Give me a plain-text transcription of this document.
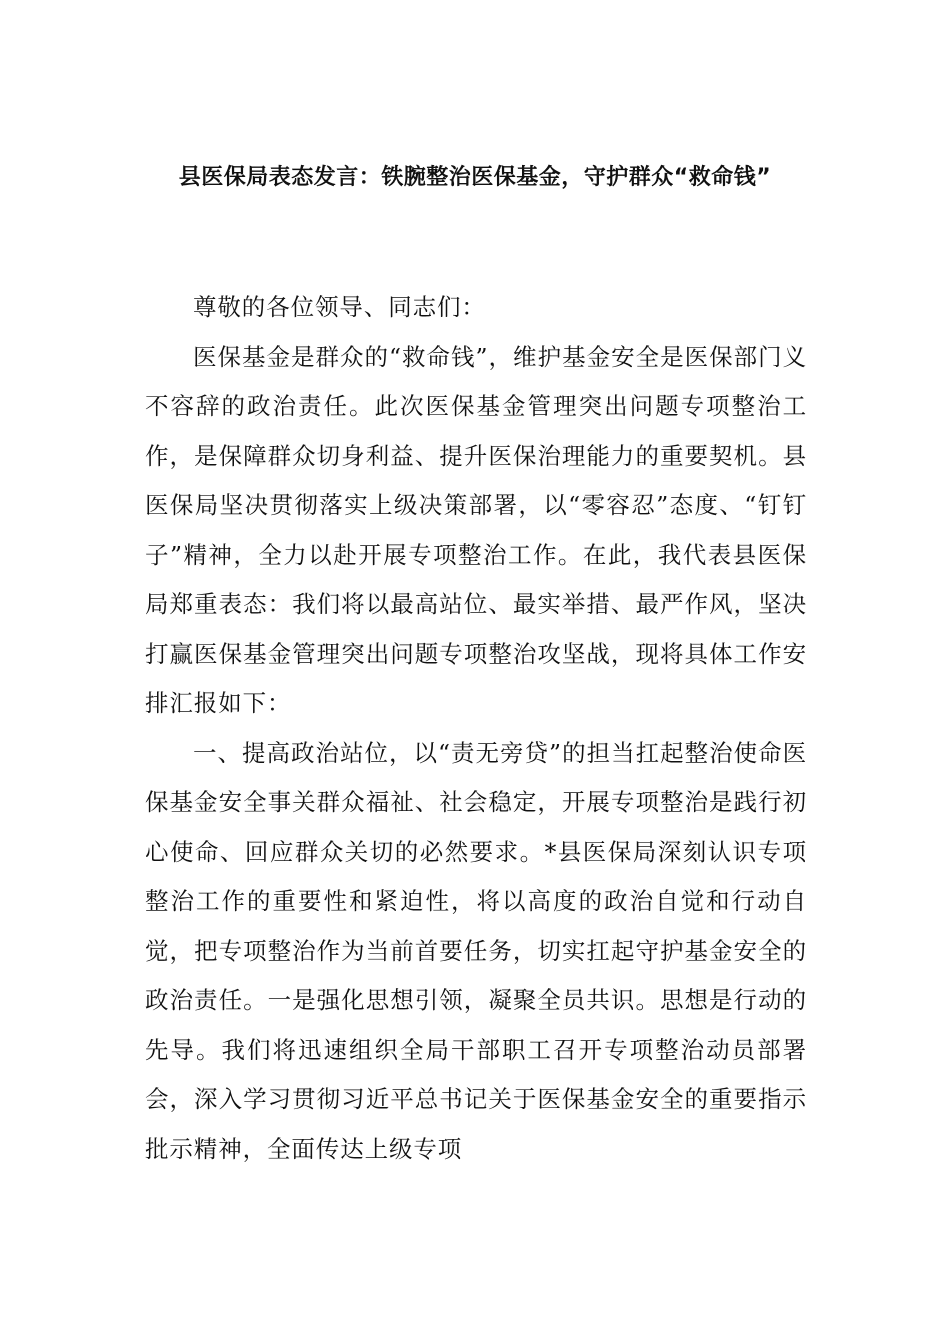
县医保局表态发言：铁腕整治医保基金，守护群众“救命钱”

尊敬的各位领导、同志们：

医保基金是群众的“救命钱”，维护基金安全是医保部门义不容辞的政治责任。此次医保基金管理突出问题专项整治工作，是保障群众切身利益、提升医保治理能力的重要契机。县医保局坚决贯彻落实上级决策部署，以“零容忍”态度、“钉钉子”精神，全力以赴开展专项整治工作。在此，我代表县医保局郑重表态：我们将以最高站位、最实举措、最严作风，坚决打赢医保基金管理突出问题专项整治攻坚战，现将具体工作安排汇报如下：

一、提高政治站位，以“责无旁贷”的担当扛起整治使命医保基金安全事关群众福祉、社会稳定，开展专项整治是践行初心使命、回应群众关切的必然要求。*县医保局深刻认识专项整治工作的重要性和紧迫性，将以高度的政治自觉和行动自觉，把专项整治作为当前首要任务，切实扛起守护基金安全的政治责任。一是强化思想引领，凝聚全员共识。思想是行动的先导。我们将迅速组织全局干部职工召开专项整治动员部署会，深入学习贯彻习近平总书记关于医保基金安全的重要指示批示精神，全面传达上级专项
